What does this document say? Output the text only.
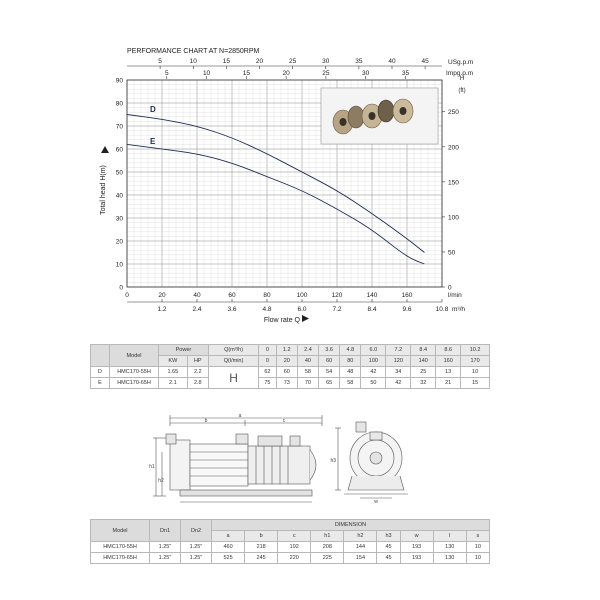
PERFORMANCE CHART AT N=2850RPM
0
10
20
30
40
50
60
70
80
90
0
50
100
150
200
250
H
(ft)
Total head H(m)
0	20	40	60	80	100	120	140	160	l/min
1.2	2.4	3.6	4.8	6.0	7.2	8.4	9.6	10.8 m³/h
Flow rate Q
5	10	15	20	25	30	35	40	45	USg.p.m
5	10	15	20	25	30	35	Impg.p.m
D
E
	Model	Power		Q(m³/h)	0	1.2	2.4	3.6	4.8	6.0	7.2	8.4	8.6	10.2
		KW	HP	Q(l/min)	0	20	40	60	80	100	120	140	160	170
D	HMC170-55H	1.65	2.2	H	62	60	58	54	48	42	34	25	13	10
E	HMC170-65H	2.1	2.8		75	73	70	65	58	50	42	32	21	15
a
b	c
h1
h2
h3
w
Model	Dn1	Dn2	DIMENSION								
			a	b	c	h1	h2	h3	w	l	s
HMC170-55H	1.25"	1.25"	460	218	192	208	144	45	193	130	10
HMC170-65H	1.25"	1.25"	525	245	220	225	154	45	193	130	10
